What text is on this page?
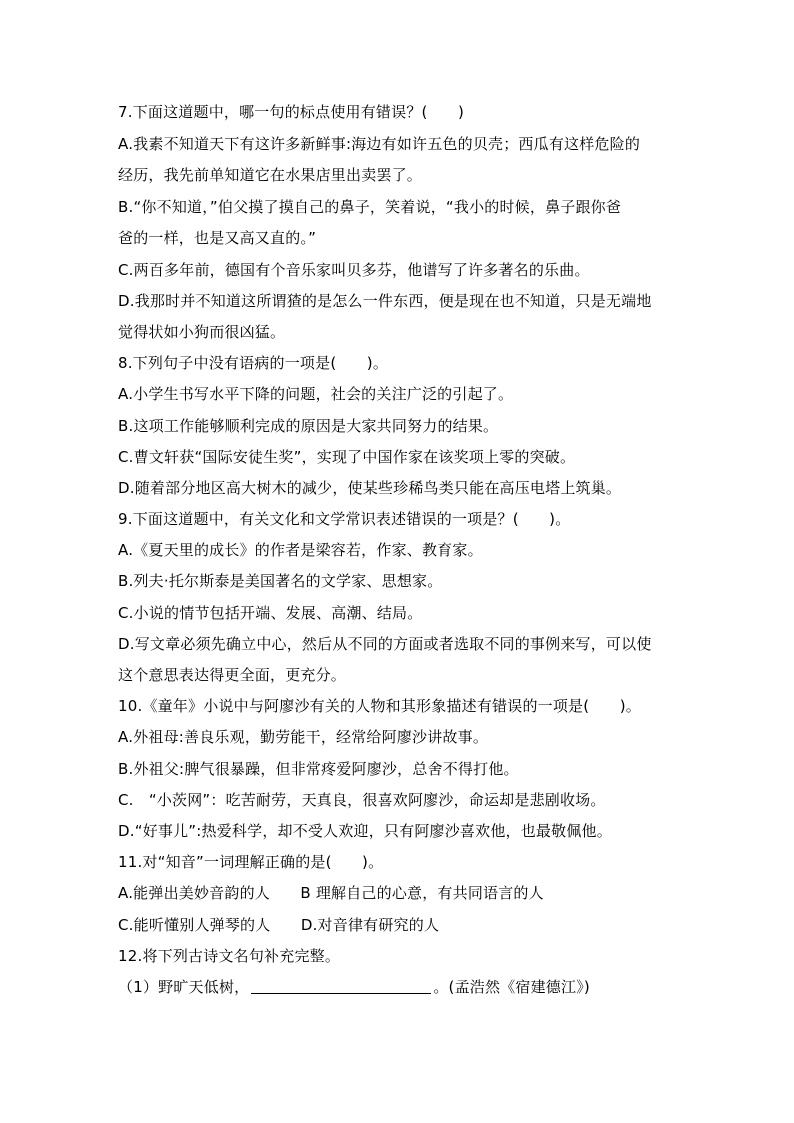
7.下面这道题中，哪一句的标点使用有错误？(　　)
A.我素不知道天下有这许多新鲜事:海边有如许五色的贝壳；西瓜有这样危险的
经历，我先前单知道它在水果店里出卖罢了。
B.“你不知道，”伯父摸了摸自己的鼻子，笑着说，“我小的时候，鼻子跟你爸
爸的一样，也是又高又直的。”
C.两百多年前，德国有个音乐家叫贝多芬，他谱写了许多著名的乐曲。
D.我那时并不知道这所谓猹的是怎么一件东西，便是现在也不知道，只是无端地
觉得状如小狗而很凶猛。
8.下列句子中没有语病的一项是(　　)。
A.小学生书写水平下降的问题，社会的关注广泛的引起了。
B.这项工作能够顺利完成的原因是大家共同努力的结果。
C.曹文轩获“国际安徒生奖”，实现了中国作家在该奖项上零的突破。
D.随着部分地区高大树木的减少，使某些珍稀鸟类只能在高压电塔上筑巢。
9.下面这道题中，有关文化和文学常识表述错误的一项是？(　　)。
A.《夏天里的成长》的作者是梁容若，作家、教育家。
B.列夫·托尔斯泰是美国著名的文学家、思想家。
C.小说的情节包括开端、发展、高潮、结局。
D.写文章必须先确立中心，然后从不同的方面或者选取不同的事例来写，可以使
这个意思表达得更全面，更充分。
10.《童年》小说中与阿廖沙有关的人物和其形象描述有错误的一项是(　　)。
A.外祖母:善良乐观，勤劳能干，经常给阿廖沙讲故事。
B.外祖父:脾气很暴躁，但非常疼爱阿廖沙，总舍不得打他。
C.　“小茨网”：吃苦耐劳，天真良，很喜欢阿廖沙，命运却是悲剧收场。
D.“好事儿”:热爱科学，却不受人欢迎，只有阿廖沙喜欢他，也最敬佩他。
11.对“知音”一词理解正确的是(　　)。
A.能弹出美妙音韵的人　　B 理解自己的心意，有共同语言的人
C.能听懂别人弹琴的人　　D.对音律有研究的人
12.将下列古诗文名句补充完整。
（1）野旷天低树，	。(孟浩然《宿建德江》)
